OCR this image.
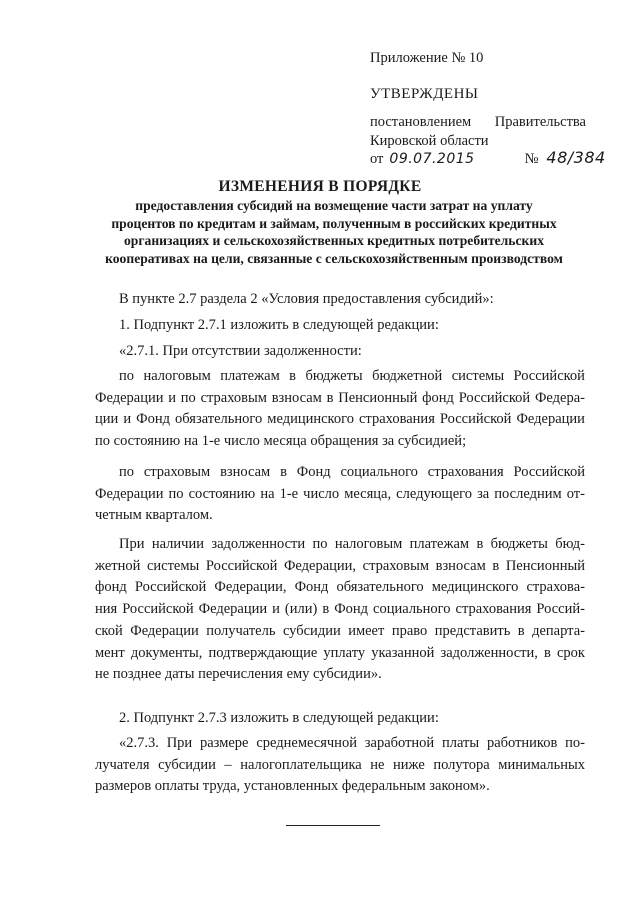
Приложение № 10
УТВЕРЖДЕНЫ
постановлением Правительства
Кировской области
от 09.07.2015	№ 48/384
ИЗМЕНЕНИЯ В ПОРЯДКЕ
предоставления субсидий на возмещение части затрат на уплату
процентов по кредитам и займам, полученным в российских кредитных
организациях и сельскохозяйственных кредитных потребительских
кооперативах на цели, связанные с сельскохозяйственным производством
В пункте 2.7 раздела 2 «Условия предоставления субсидий»:
1. Подпункт 2.7.1 изложить в следующей редакции:
«2.7.1. При отсутствии задолженности:
по налоговым платежам в бюджеты бюджетной системы Российской
Федерации и по страховым взносам в Пенсионный фонд Российской Федера-
ции и Фонд обязательного медицинского страхования Российской Федерации
по состоянию на 1-е число месяца обращения за субсидией;
по страховым взносам в Фонд социального страхования Российской
Федерации по состоянию на 1-е число месяца, следующего за последним от-
четным кварталом.
При наличии задолженности по налоговым платежам в бюджеты бюд-
жетной системы Российской Федерации, страховым взносам в Пенсионный
фонд Российской Федерации, Фонд обязательного медицинского страхова-
ния Российской Федерации и (или) в Фонд социального страхования Россий-
ской Федерации получатель субсидии имеет право представить в департа-
мент документы, подтверждающие уплату указанной задолженности, в срок
не позднее даты перечисления ему субсидии».
2. Подпункт 2.7.3 изложить в следующей редакции:
«2.7.3. При размере среднемесячной заработной платы работников по-
лучателя субсидии – налогоплательщика не ниже полутора минимальных
размеров оплаты труда, установленных федеральным законом».
